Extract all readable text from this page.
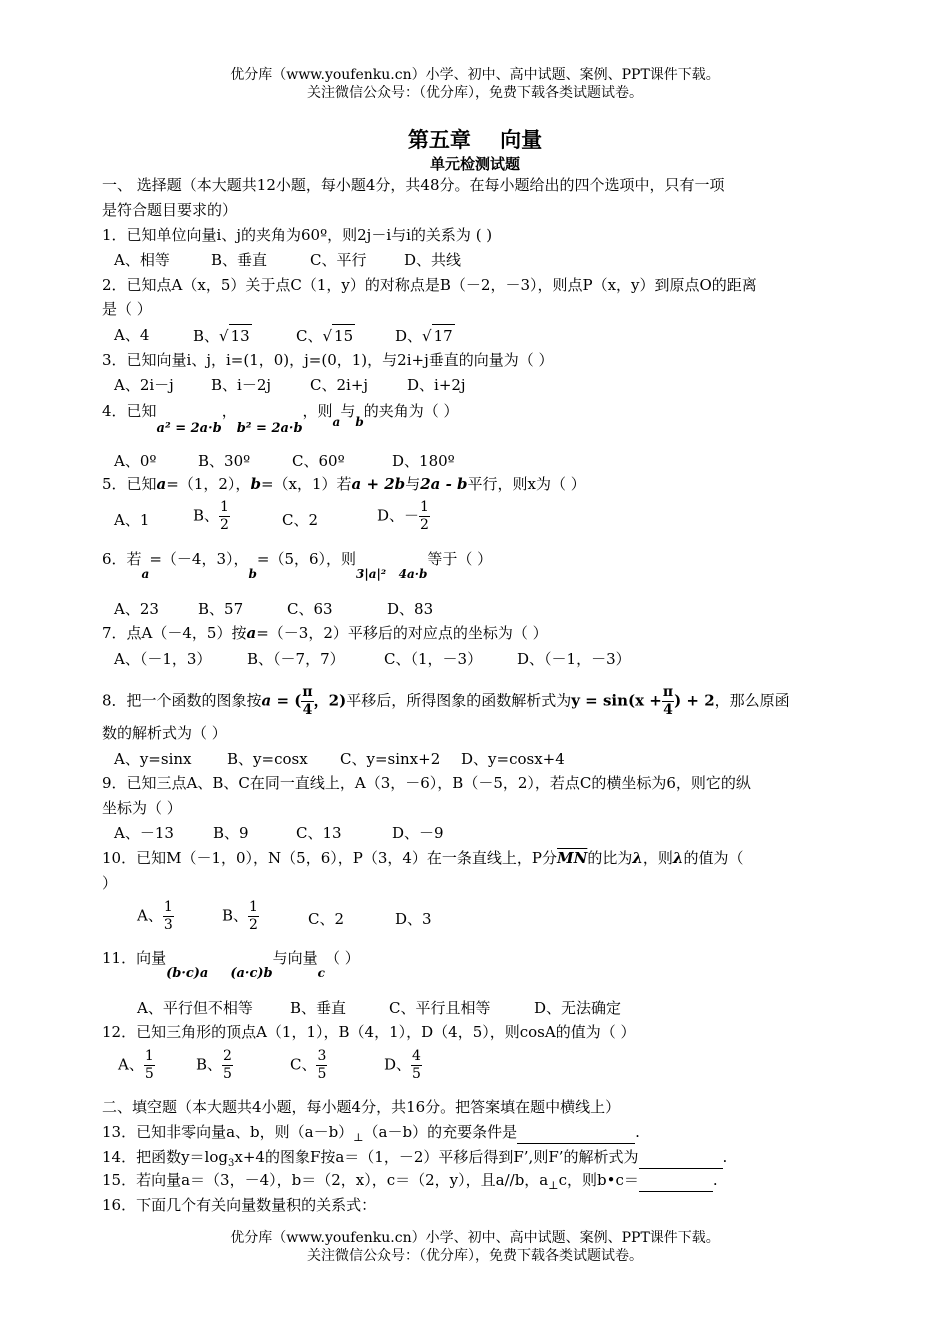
优分库（www.youfenku.cn）小学、初中、高中试题、案例、PPT课件下载。
关注微信公众号：（优分库），免费下载各类试题试卷。
第五章    向量
单元检测试题
一、 选择题（本大题共12小题，每小题4分，共48分。在每小题给出的四个选项中，只有一项
是符合题目要求的）
1．已知单位向量i、j的夹角为60º，则2j－i与i的关系为 ( )
A、相等	B、垂直	C、平行	D、共线
2．已知点A（x，5）关于点C（1，y）的对称点是B（－2，－3），则点P（x，y）到原点O的距离
是（ ）
A、4	B、√ 13	C、√ 15	D、√ 17
3．已知向量i、j，i=(1，0)，j=(0，1)，与2i+j垂直的向量为（ ）
A、2i－j B、i－2j	C、2i+j	D、i+2j
4．已知a² = 2a·b，b² = 2a·b，则$_a$与$_b$的夹角为（ ）
A、0º	B、30º	C、60º	D、180º
5．已知a=（1，2），b=（x，1）若a + 2b与2a - b平行，则x为（ ）
A、1	B、 $\frac{1}{2}$	C、2	D、－ $\frac{1}{2}$
6．若$_a$=（－4，3），$_b$=（5，6），则$_{3|a|^2 4a\cdot b}$等于（ ）
A、23	B、57	C、63	D、83
7．点A（－4，5）按a=（－3，2）平移后的对应点的坐标为（ ）
A、（－1，3） B、（－7，7）	C、（1，－3） D、（－1，－3）
8．把一个函数的图象按a = ( $\frac{\pi}{4}$ ，2)平移后，所得图象的函数解析式为$y = \sin(x + \frac{\pi}{4}$ ) + 2，那么原函
数的解析式为（ ）
A、y=sinx B、y=cosx C、y=sinx+2 D、y=cosx+4
9．已知三点A、B、C在同一直线上，A（3，－6），B（－5，2），若点C的横坐标为6，则它的纵
坐标为（ ）
A、－13	B、9	C、13	D、－9
10．已知M（－1，0），N（5，6），P（3，4）在一条直线上，P分$\overline{MN}$的比为λ，则λ的值为（
）
A、 $\frac{1}{3}$	B、 $\frac{1}{2}$	C、2	D、3
11．向量(b·c)a (a·c)b与向量$_c$（ ）
A、平行但不相等 B、垂直	C、平行且相等	D、无法确定
12．已知三角形的顶点A（1，1），B（4，1），D（4，5），则cosA的值为（ ）
A、 $\frac{1}{5}$	B、 $\frac{2}{5}$	C、 $\frac{3}{5}$	D、 $\frac{4}{5}$
二、填空题（本大题共4小题，每小题4分，共16分。把答案填在题中横线上）
13．已知非零向量a、b，则$(a-b)_\perp(a-b)$的充要条件是	.
14．把函数$y=\log_3x+4$的图象F按a＝（1，－2）平移后得到F’,则F’的解析式为	.
15．若向量a＝（3，－4），b＝（2，x），c＝（2，y），且a//b，$a_\perp c$，则b•c＝	.
16．下面几个有关向量数量积的关系式：
优分库（www.youfenku.cn）小学、初中、高中试题、案例、PPT课件下载。
关注微信公众号：（优分库），免费下载各类试题试卷。
